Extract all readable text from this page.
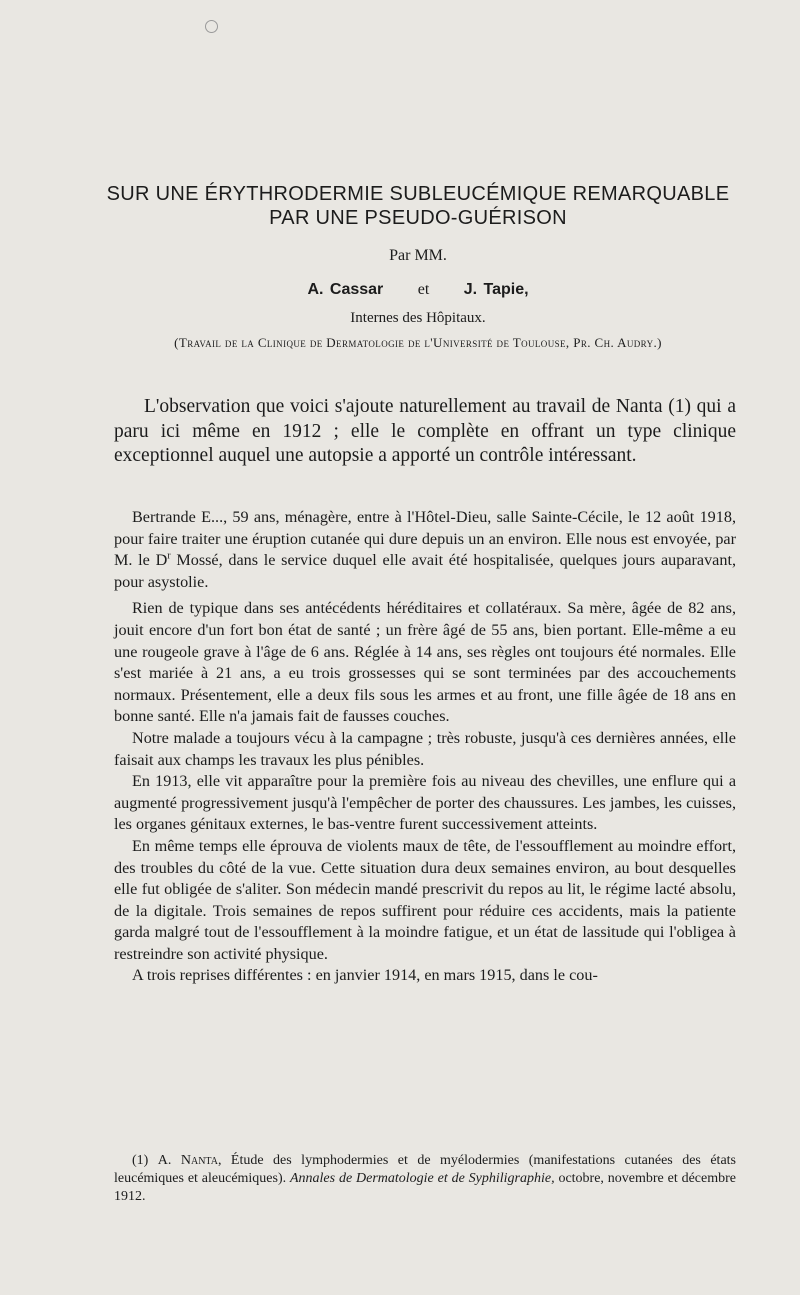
SUR UNE ÉRYTHRODERMIE SUBLEUCÉMIQUE REMARQUABLE
PAR UNE PSEUDO-GUÉRISON
Par MM.
A. Cassar et J. Tapie,
Internes des Hôpitaux.
(Travail de la Clinique de Dermatologie de l'Université de Toulouse, Pr. Ch. Audry.)

L'observation que voici s'ajoute naturellement au travail de Nanta (1) qui a paru ici même en 1912 ; elle le complète en offrant un type clinique exceptionnel auquel une autopsie a apporté un contrôle intéressant.

Bertrande E..., 59 ans, ménagère, entre à l'Hôtel-Dieu, salle Sainte-Cécile, le 12 août 1918, pour faire traiter une éruption cutanée qui dure depuis un an environ. Elle nous est envoyée, par M. le $D^r$ Mossé, dans le service duquel elle avait été hospitalisée, quelques jours auparavant, pour asystolie.

Rien de typique dans ses antécédents héréditaires et collatéraux. Sa mère, âgée de 82 ans, jouit encore d'un fort bon état de santé ; un frère âgé de 55 ans, bien portant. Elle-même a eu une rougeole grave à l'âge de 6 ans. Réglée à 14 ans, ses règles ont toujours été normales. Elle s'est mariée à 21 ans, a eu trois grossesses qui se sont terminées par des accouchements normaux. Présentement, elle a deux fils sous les armes et au front, une fille âgée de 18 ans en bonne santé. Elle n'a jamais fait de fausses couches.

Notre malade a toujours vécu à la campagne ; très robuste, jusqu'à ces dernières années, elle faisait aux champs les travaux les plus pénibles.

En 1913, elle vit apparaître pour la première fois au niveau des chevilles, une enflure qui a augmenté progressivement jusqu'à l'empêcher de porter des chaussures. Les jambes, les cuisses, les organes génitaux externes, le bas-ventre furent successivement atteints.

En même temps elle éprouva de violents maux de tête, de l'essoufflement au moindre effort, des troubles du côté de la vue. Cette situation dura deux semaines environ, au bout desquelles elle fut obligée de s'aliter. Son médecin mandé prescrivit du repos au lit, le régime lacté absolu, de la digitale. Trois semaines de repos suffirent pour réduire ces accidents, mais la patiente garda malgré tout de l'essoufflement à la moindre fatigue, et un état de lassitude qui l'obligea à restreindre son activité physique.

A trois reprises différentes : en janvier 1914, en mars 1915, dans le cou-

(1) A. Nanta, Étude des lymphodermies et de myélodermies (manifestations cutanées des états leucémiques et aleucémiques). Annales de Dermatologie et de Syphiligraphie, octobre, novembre et décembre 1912.
